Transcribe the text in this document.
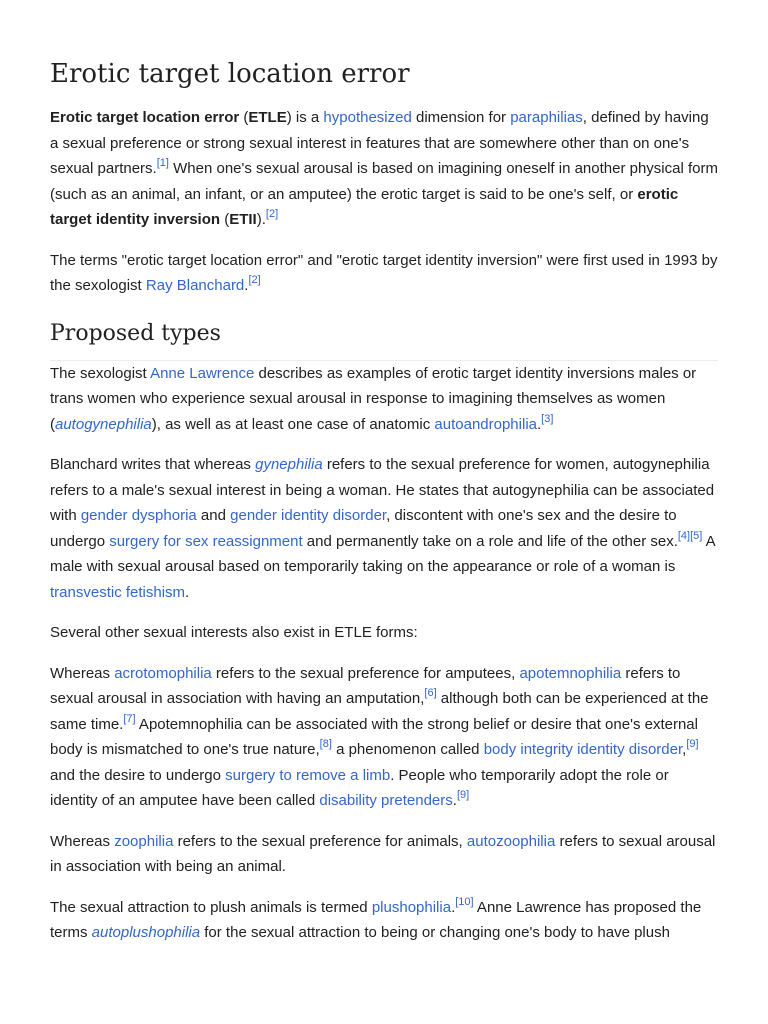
Erotic target location error

Erotic target location error (ETLE) is a hypothesized dimension for paraphilias, defined by having a sexual preference or strong sexual interest in features that are somewhere other than on one's sexual partners.[1] When one's sexual arousal is based on imagining oneself in another physical form (such as an animal, an infant, or an amputee) the erotic target is said to be one's self, or erotic target identity inversion (ETII).[2]

The terms "erotic target location error" and "erotic target identity inversion" were first used in 1993 by the sexologist Ray Blanchard.[2]

Proposed types

The sexologist Anne Lawrence describes as examples of erotic target identity inversions males or trans women who experience sexual arousal in response to imagining themselves as women (autogynephilia), as well as at least one case of anatomic autoandrophilia.[3]

Blanchard writes that whereas gynephilia refers to the sexual preference for women, autogynephilia refers to a male's sexual interest in being a woman. He states that autogynephilia can be associated with gender dysphoria and gender identity disorder, discontent with one's sex and the desire to undergo surgery for sex reassignment and permanently take on a role and life of the other sex.[4][5] A male with sexual arousal based on temporarily taking on the appearance or role of a woman is transvestic fetishism.

Several other sexual interests also exist in ETLE forms:

Whereas acrotomophilia refers to the sexual preference for amputees, apotemnophilia refers to sexual arousal in association with having an amputation,[6] although both can be experienced at the same time.[7] Apotemnophilia can be associated with the strong belief or desire that one's external body is mismatched to one's true nature,[8] a phenomenon called body integrity identity disorder,[9] and the desire to undergo surgery to remove a limb. People who temporarily adopt the role or identity of an amputee have been called disability pretenders.[9]

Whereas zoophilia refers to the sexual preference for animals, autozoophilia refers to sexual arousal in association with being an animal.

The sexual attraction to plush animals is termed plushophilia.[10] Anne Lawrence has proposed the terms autoplushophilia for the sexual attraction to being or changing one's body to have plush
